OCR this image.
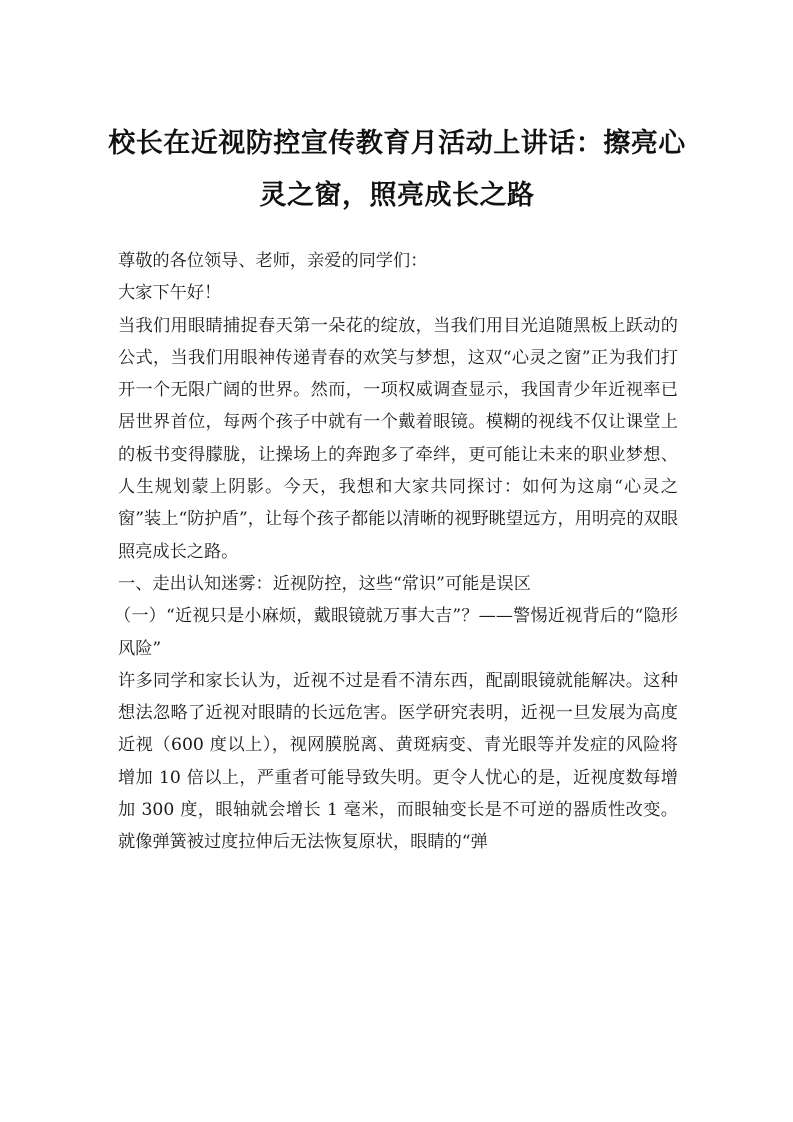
校长在近视防控宣传教育月活动上讲话：擦亮心灵之窗，照亮成长之路

尊敬的各位领导、老师，亲爱的同学们：

大家下午好！

当我们用眼睛捕捉春天第一朵花的绽放，当我们用目光追随黑板上跃动的公式，当我们用眼神传递青春的欢笑与梦想，这双“心灵之窗”正为我们打开一个无限广阔的世界。然而，一项权威调查显示，我国青少年近视率已居世界首位，每两个孩子中就有一个戴着眼镜。模糊的视线不仅让课堂上的板书变得朦胧，让操场上的奔跑多了牵绊，更可能让未来的职业梦想、人生规划蒙上阴影。今天，我想和大家共同探讨：如何为这扇“心灵之窗”装上“防护盾”，让每个孩子都能以清晰的视野眺望远方，用明亮的双眼照亮成长之路。

一、走出认知迷雾：近视防控，这些“常识”可能是误区

（一）“近视只是小麻烦，戴眼镜就万事大吉”？——警惕近视背后的“隐形风险”

许多同学和家长认为，近视不过是看不清东西，配副眼镜就能解决。这种想法忽略了近视对眼睛的长远危害。医学研究表明，近视一旦发展为高度近视（600 度以上），视网膜脱离、黄斑病变、青光眼等并发症的风险将增加 10 倍以上，严重者可能导致失明。更令人忧心的是，近视度数每增加 300 度，眼轴就会增长 1 毫米，而眼轴变长是不可逆的器质性改变。就像弹簧被过度拉伸后无法恢复原状，眼睛的“弹
